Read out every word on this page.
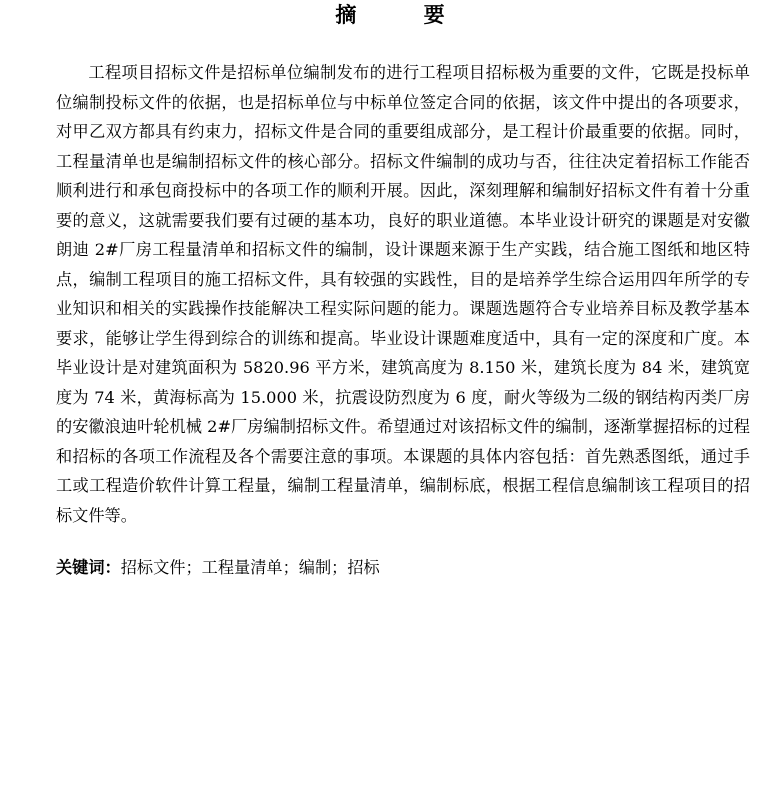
摘 要

工程项目招标文件是招标单位编制发布的进行工程项目招标极为重要的文件，它既是投标单位编制投标文件的依据，也是招标单位与中标单位签定合同的依据，该文件中提出的各项要求，对甲乙双方都具有约束力，招标文件是合同的重要组成部分，是工程计价最重要的依据。同时，工程量清单也是编制招标文件的核心部分。招标文件编制的成功与否，往往决定着招标工作能否顺利进行和承包商投标中的各项工作的顺利开展。因此，深刻理解和编制好招标文件有着十分重要的意义，这就需要我们要有过硬的基本功，良好的职业道德。本毕业设计研究的课题是对安徽朗迪 2#厂房工程量清单和招标文件的编制，设计课题来源于生产实践，结合施工图纸和地区特点，编制工程项目的施工招标文件，具有较强的实践性，目的是培养学生综合运用四年所学的专业知识和相关的实践操作技能解决工程实际问题的能力。课题选题符合专业培养目标及教学基本要求，能够让学生得到综合的训练和提高。毕业设计课题难度适中，具有一定的深度和广度。本毕业设计是对建筑面积为 5820.96 平方米，建筑高度为 8.150 米，建筑长度为 84 米，建筑宽度为 74 米，黄海标高为 15.000 米，抗震设防烈度为 6 度，耐火等级为二级的钢结构丙类厂房的安徽浪迪叶轮机械 2#厂房编制招标文件。希望通过对该招标文件的编制，逐渐掌握招标的过程和招标的各项工作流程及各个需要注意的事项。本课题的具体内容包括：首先熟悉图纸，通过手工或工程造价软件计算工程量，编制工程量清单，编制标底，根据工程信息编制该工程项目的招标文件等。

关键词：招标文件；工程量清单；编制；招标
